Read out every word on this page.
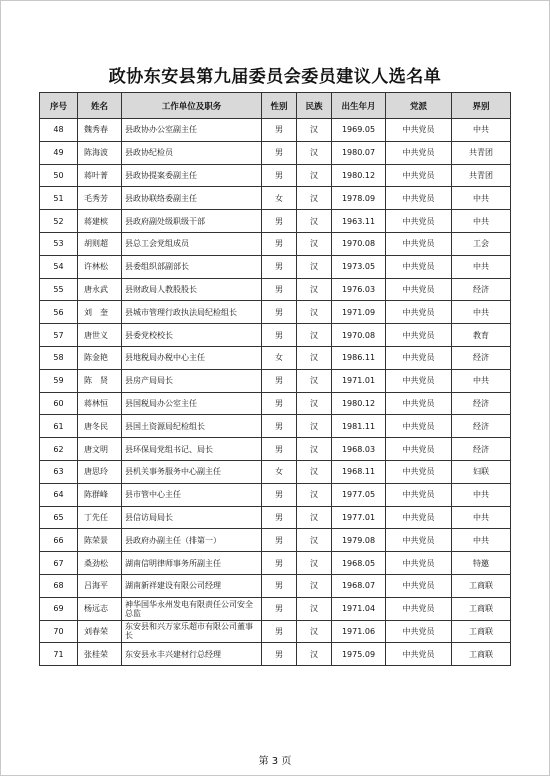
政协东安县第九届委员会委员建议人选名单
序号	姓名	工作单位及职务	性别	民族	出生年月	党派	界别
48	魏秀春	县政协办公室副主任	男	汉	1969.05	中共党员	中共
49	陈海波	县政协纪检员	男	汉	1980.07	中共党员	共青团
50	蒋叶菁	县政协提案委副主任	男	汉	1980.12	中共党员	共青团
51	毛秀芳	县政协联络委副主任	女	汉	1978.09	中共党员	中共
52	蒋建槟	县政府副处级职级干部	男	汉	1963.11	中共党员	中共
53	胡则超	县总工会党组成员	男	汉	1970.08	中共党员	工会
54	许林松	县委组织部副部长	男	汉	1973.05	中共党员	中共
55	唐永武	县财政局人教股股长	男	汉	1976.03	中共党员	经济
56	刘　奎	县城市管理行政执法局纪检组长	男	汉	1971.09	中共党员	中共
57	唐世义	县委党校校长	男	汉	1970.08	中共党员	教育
58	陈金艳	县地税局办税中心主任	女	汉	1986.11	中共党员	经济
59	陈　贤	县房产局局长	男	汉	1971.01	中共党员	中共
60	蒋林恒	县国税局办公室主任	男	汉	1980.12	中共党员	经济
61	唐冬民	县国土资源局纪检组长	男	汉	1981.11	中共党员	经济
62	唐文明	县环保局党组书记、局长	男	汉	1968.03	中共党员	经济
63	唐思玲	县机关事务服务中心副主任	女	汉	1968.11	中共党员	妇联
64	陈群峰	县市管中心主任	男	汉	1977.05	中共党员	中共
65	丁先任	县信访局局长	男	汉	1977.01	中共党员	中共
66	陈荣景	县政府办副主任（排第一）	男	汉	1979.08	中共党员	中共
67	桑劲松	湖南信明律师事务所副主任	男	汉	1968.05	中共党员	特邀
68	吕海平	湖南新祥建设有限公司经理	男	汉	1968.07	中共党员	工商联
69	杨远志	神华国华永州发电有限责任公司安全总监	男	汉	1971.04	中共党员	工商联
70	刘春荣	东安县和兴万家乐超市有限公司董事长	男	汉	1971.06	中共党员	工商联
71	张桂荣	东安县永丰兴建材行总经理	男	汉	1975.09	中共党员	工商联
第 3 页
